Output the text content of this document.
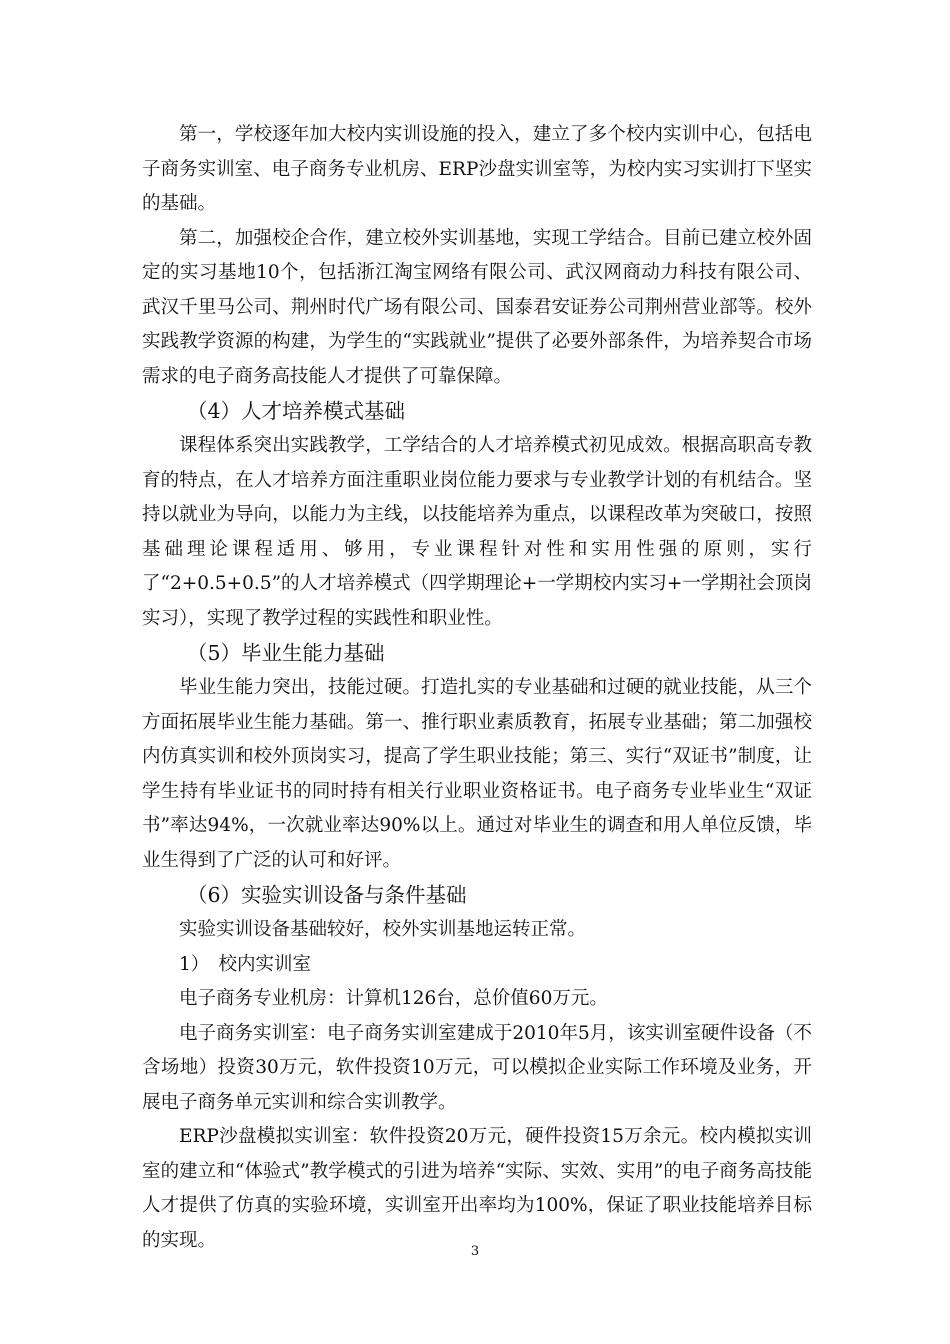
第一，学校逐年加大校内实训设施的投入，建立了多个校内实训中心，包括电子商务实训室、电子商务专业机房、ERP沙盘实训室等，为校内实习实训打下坚实的基础。

第二，加强校企合作，建立校外实训基地，实现工学结合。目前已建立校外固定的实习基地10个，包括浙江淘宝网络有限公司、武汉网商动力科技有限公司、武汉千里马公司、荆州时代广场有限公司、国泰君安证券公司荆州营业部等。校外实践教学资源的构建，为学生的“实践就业”提供了必要外部条件，为培养契合市场需求的电子商务高技能人才提供了可靠保障。

（4）人才培养模式基础

课程体系突出实践教学，工学结合的人才培养模式初见成效。根据高职高专教育的特点，在人才培养方面注重职业岗位能力要求与专业教学计划的有机结合。坚持以就业为导向，以能力为主线，以技能培养为重点，以课程改革为突破口，按照基础理论课程适用、够用，专业课程针对性和实用性强的原则，实行了“2+0.5+0.5”的人才培养模式（四学期理论+一学期校内实习+一学期社会顶岗实习），实现了教学过程的实践性和职业性。

（5）毕业生能力基础

毕业生能力突出，技能过硬。打造扎实的专业基础和过硬的就业技能，从三个方面拓展毕业生能力基础。第一、推行职业素质教育，拓展专业基础；第二加强校内仿真实训和校外顶岗实习，提高了学生职业技能；第三、实行“双证书”制度，让学生持有毕业证书的同时持有相关行业职业资格证书。电子商务专业毕业生“双证书”率达94%，一次就业率达90%以上。通过对毕业生的调查和用人单位反馈，毕业生得到了广泛的认可和好评。

（6）实验实训设备与条件基础

实验实训设备基础较好，校外实训基地运转正常。

1）　校内实训室

电子商务专业机房：计算机126台，总价值60万元。

电子商务实训室：电子商务实训室建成于2010年5月，该实训室硬件设备（不含场地）投资30万元，软件投资10万元，可以模拟企业实际工作环境及业务，开展电子商务单元实训和综合实训教学。

ERP沙盘模拟实训室：软件投资20万元，硬件投资15万余元。校内模拟实训室的建立和“体验式”教学模式的引进为培养“实际、实效、实用”的电子商务高技能人才提供了仿真的实验环境，实训室开出率均为100%，保证了职业技能培养目标的实现。

3
